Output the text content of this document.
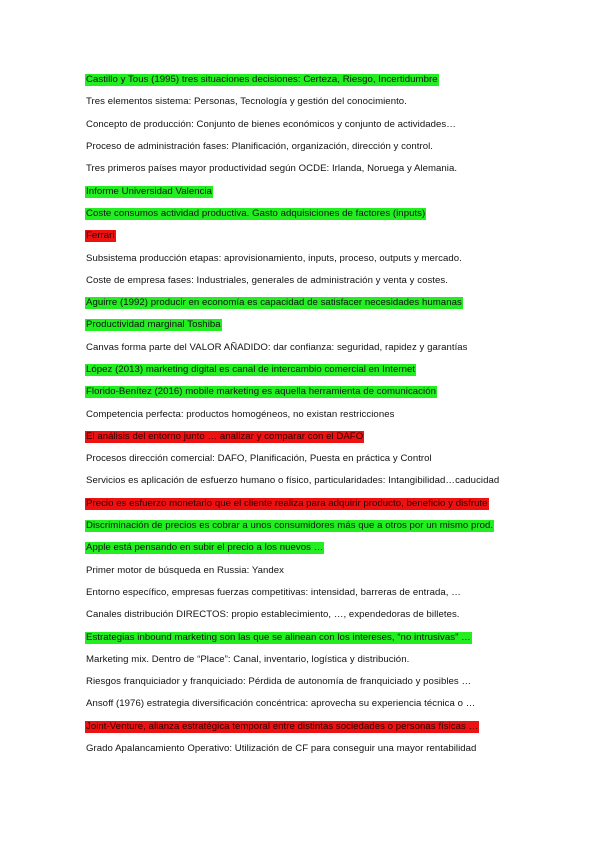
Castillo y Tous (1995) tres situaciones decisiones: Certeza, Riesgo, Incertidumbre
Tres elementos sistema: Personas, Tecnología y gestión del conocimiento.
Concepto de producción: Conjunto de bienes económicos y conjunto de actividades…
Proceso de administración fases: Planificación, organización, dirección y control.
Tres primeros países mayor productividad según OCDE: Irlanda, Noruega y Alemania.
Informe Universidad Valencia
Coste consumos actividad productiva. Gasto adquisiciones de factores (inputs)
Ferrari
Subsistema producción etapas: aprovisionamiento, inputs, proceso, outputs y mercado.
Coste de empresa fases: Industriales, generales de administración y venta y costes.
Aguirre (1992) producir en economía es capacidad de satisfacer necesidades humanas
Productividad marginal Toshiba
Canvas forma parte del VALOR AÑADIDO: dar confianza: seguridad, rapidez y garantías
López (2013) marketing digital es canal de intercambio comercial en Internet
Florido-Benítez (2016) mobile marketing es aquella herramienta de comunicación
Competencia perfecta: productos homogéneos, no existan restricciones
El análisis del entorno junto … analizar y comparar con el DAFO
Procesos dirección comercial: DAFO, Planificación, Puesta en práctica y Control
Servicios es aplicación de esfuerzo humano o físico, particularidades: Intangibilidad…caducidad
Precio es esfuerzo monetario que el cliente realiza para adquirir producto, beneficio y disfrute
Discriminación de precios es cobrar a unos consumidores más que a otros por un mismo prod.
Apple está pensando en subir el precio a los nuevos …
Primer motor de búsqueda en Russia: Yandex
Entorno específico, empresas fuerzas competitivas: intensidad, barreras de entrada, …
Canales distribución DIRECTOS: propio establecimiento, …, expendedoras de billetes.
Estrategias inbound marketing son las que se alinean con los intereses, “no intrusivas” …
Marketing mix. Dentro de “Place”: Canal, inventario, logística y distribución.
Riesgos franquiciador y franquiciado: Pérdida de autonomía de franquiciado y posibles …
Ansoff (1976) estrategia diversificación concéntrica: aprovecha su experiencia técnica o …
Joint-Venture, alianza estratégica temporal entre distintas sociedades o personas físicas …
Grado Apalancamiento Operativo: Utilización de CF para conseguir una mayor rentabilidad
